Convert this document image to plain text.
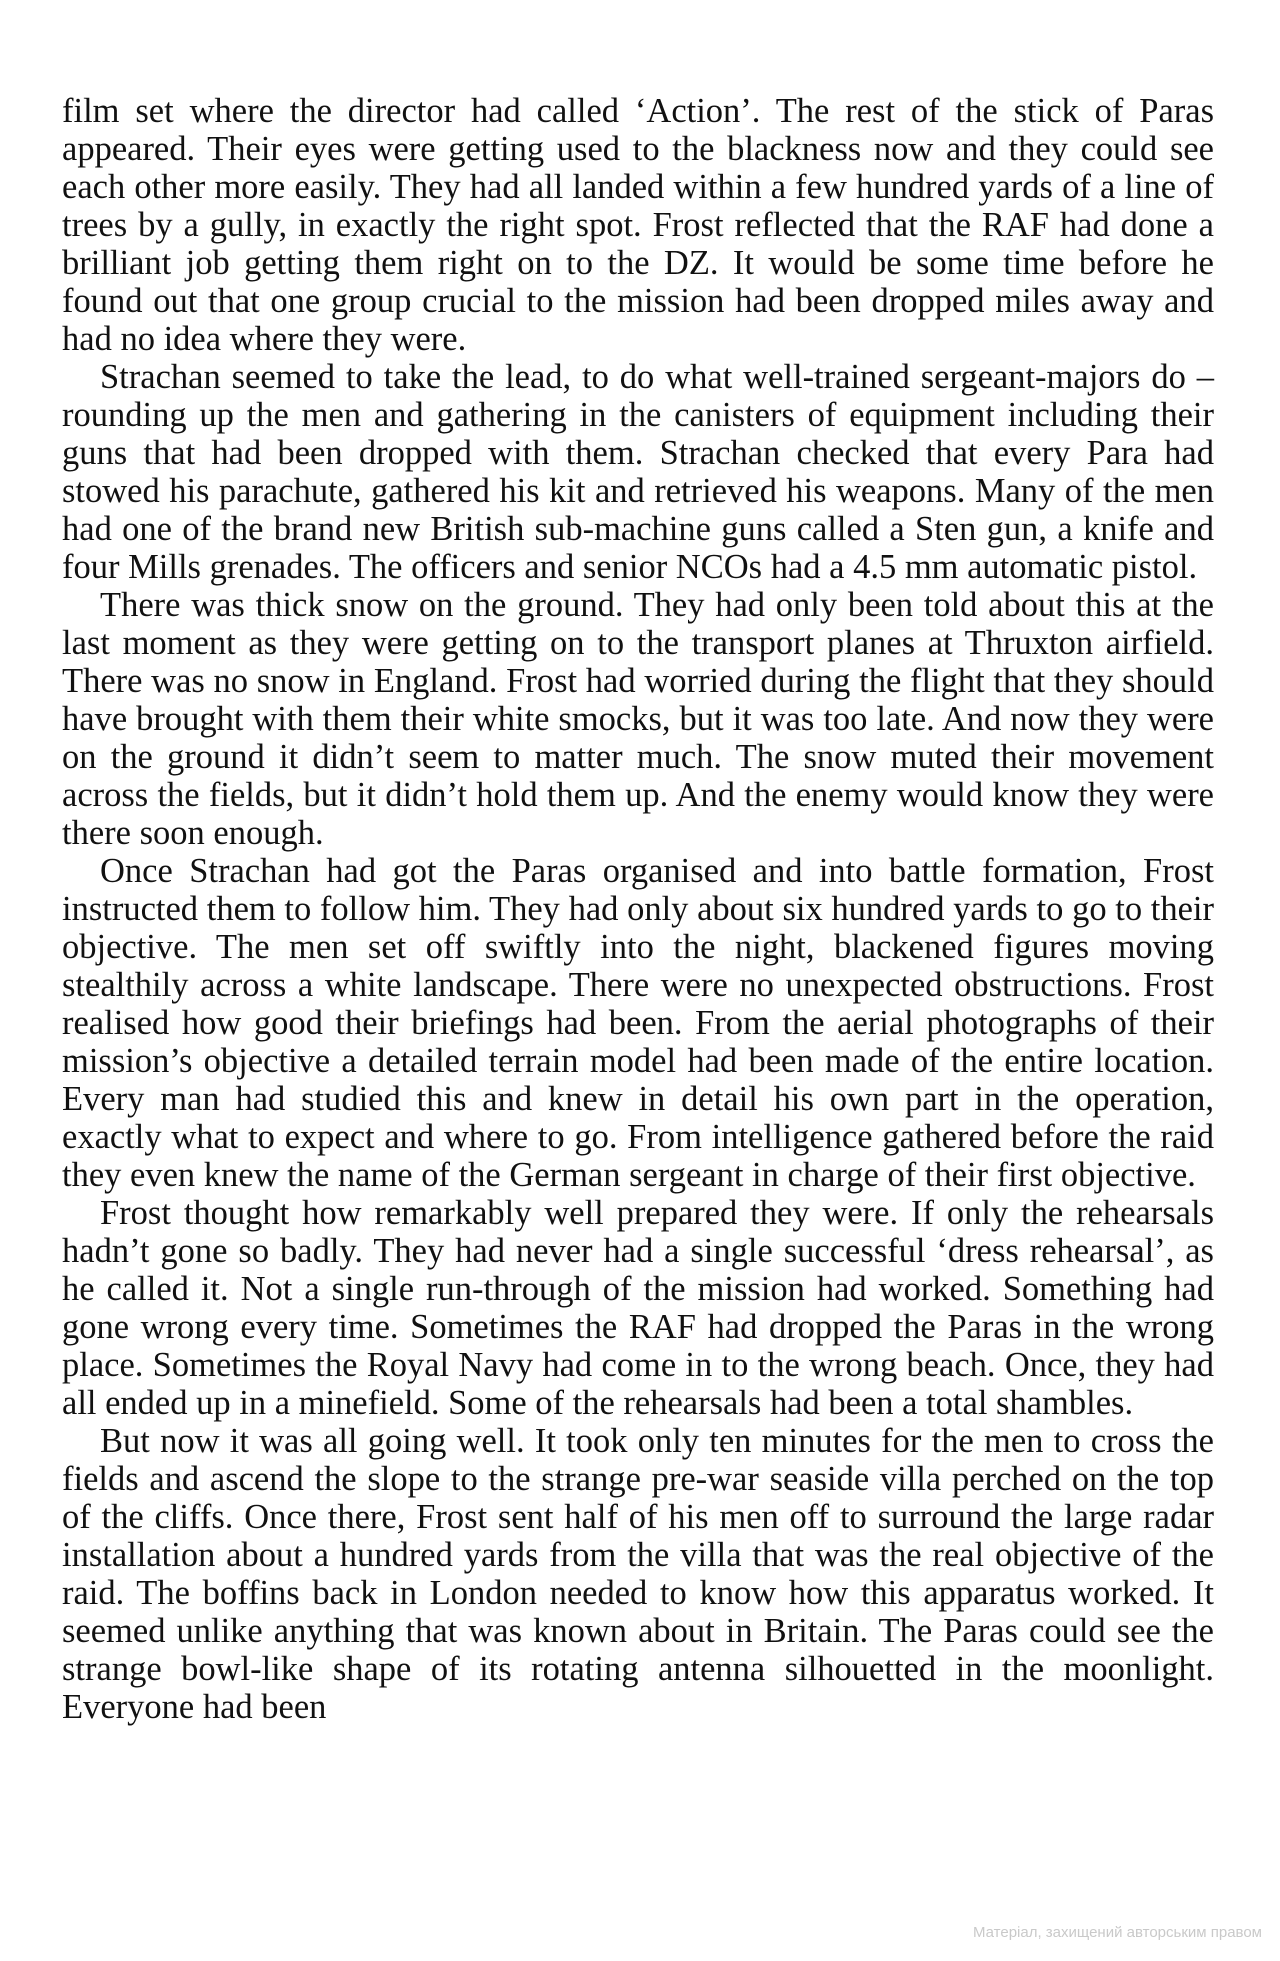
film set where the director had called ‘Action’. The rest of the stick of Paras appeared. Their eyes were getting used to the blackness now and they could see each other more easily. They had all landed within a few hundred yards of a line of trees by a gully, in exactly the right spot. Frost reflected that the RAF had done a brilliant job getting them right on to the DZ. It would be some time before he found out that one group crucial to the mission had been dropped miles away and had no idea where they were.

Strachan seemed to take the lead, to do what well-trained sergeant-majors do – rounding up the men and gathering in the canisters of equipment including their guns that had been dropped with them. Strachan checked that every Para had stowed his parachute, gathered his kit and retrieved his weapons. Many of the men had one of the brand new British sub-machine guns called a Sten gun, a knife and four Mills grenades. The officers and senior NCOs had a 4.5 mm automatic pistol.

There was thick snow on the ground. They had only been told about this at the last moment as they were getting on to the transport planes at Thruxton airfield. There was no snow in England. Frost had worried during the flight that they should have brought with them their white smocks, but it was too late. And now they were on the ground it didn’t seem to matter much. The snow muted their movement across the fields, but it didn’t hold them up. And the enemy would know they were there soon enough.

Once Strachan had got the Paras organised and into battle formation, Frost instructed them to follow him. They had only about six hundred yards to go to their objective. The men set off swiftly into the night, blackened figures moving stealthily across a white landscape. There were no unexpected obstructions. Frost realised how good their briefings had been. From the aerial photographs of their mission’s objective a detailed terrain model had been made of the entire location. Every man had studied this and knew in detail his own part in the operation, exactly what to expect and where to go. From intelligence gathered before the raid they even knew the name of the German sergeant in charge of their first objective.

Frost thought how remarkably well prepared they were. If only the rehearsals hadn’t gone so badly. They had never had a single successful ‘dress rehearsal’, as he called it. Not a single run-through of the mission had worked. Something had gone wrong every time. Sometimes the RAF had dropped the Paras in the wrong place. Sometimes the Royal Navy had come in to the wrong beach. Once, they had all ended up in a minefield. Some of the rehearsals had been a total shambles.

But now it was all going well. It took only ten minutes for the men to cross the fields and ascend the slope to the strange pre-war seaside villa perched on the top of the cliffs. Once there, Frost sent half of his men off to surround the large radar installation about a hundred yards from the villa that was the real objective of the raid. The boffins back in London needed to know how this apparatus worked. It seemed unlike anything that was known about in Britain. The Paras could see the strange bowl-like shape of its rotating antenna silhouetted in the moonlight. Everyone had been

Матеріал, захищений авторським правом
